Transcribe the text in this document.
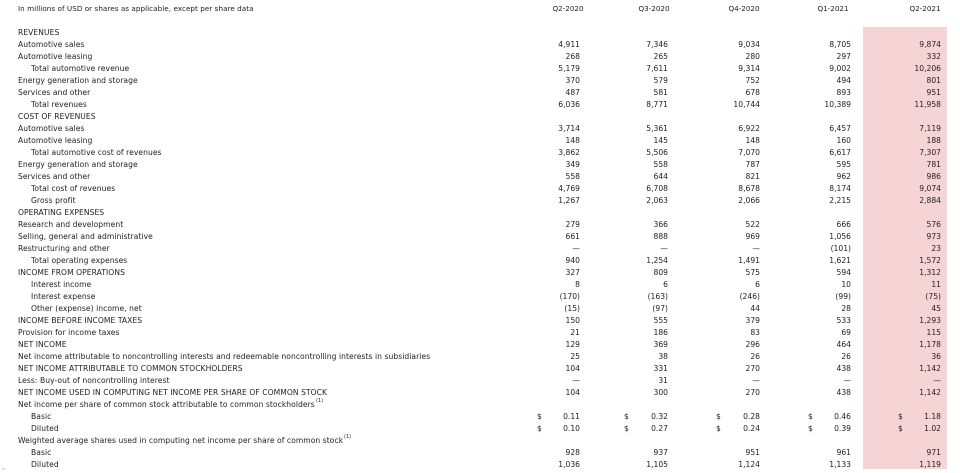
In millions of USD or shares as applicable, except per share data	Q2-2020	Q3-2020	Q4-2020	Q1-2021	Q2-2021
REVENUES
Automotive sales	4,911	7,346	9,034	8,705	9,874
Automotive leasing	268	265	280	297	332
Total automotive revenue	5,179	7,611	9,314	9,002	10,206
Energy generation and storage	370	579	752	494	801
Services and other	487	581	678	893	951
Total revenues	6,036	8,771	10,744	10,389	11,958
COST OF REVENUES
Automotive sales	3,714	5,361	6,922	6,457	7,119
Automotive leasing	148	145	148	160	188
Total automotive cost of revenues	3,862	5,506	7,070	6,617	7,307
Energy generation and storage	349	558	787	595	781
Services and other	558	644	821	962	986
Total cost of revenues	4,769	6,708	8,678	8,174	9,074
Gross profit	1,267	2,063	2,066	2,215	2,884
OPERATING EXPENSES
Research and development	279	366	522	666	576
Selling, general and administrative	661	888	969	1,056	973
Restructuring and other	—	—	—	(101)	23
Total operating expenses	940	1,254	1,491	1,621	1,572
INCOME FROM OPERATIONS	327	809	575	594	1,312
Interest income	8	6	6	10	11
Interest expense	(170)	(163)	(246)	(99)	(75)
Other (expense) income, net	(15)	(97)	44	28	45
INCOME BEFORE INCOME TAXES	150	555	379	533	1,293
Provision for income taxes	21	186	83	69	115
NET INCOME	129	369	296	464	1,178
Net income attributable to noncontrolling interests and redeemable noncontrolling interests in subsidiaries	25	38	26	26	36
NET INCOME ATTRIBUTABLE TO COMMON STOCKHOLDERS	104	331	270	438	1,142
Less: Buy-out of noncontrolling interest	—	31	—	—	—
NET INCOME USED IN COMPUTING NET INCOME PER SHARE OF COMMON STOCK	104	300	270	438	1,142
Net income per share of common stock attributable to common stockholders (1)
Basic	$	0.11	$	0.32	$	0.28	$	0.46	$	1.18
Diluted	$	0.10	$	0.27	$	0.24	$	0.39	$	1.02
Weighted average shares used in computing net income per share of common stock (1)
Basic	928	937	951	961	971
Diluted	1,036	1,105	1,124	1,133	1,119
‗
